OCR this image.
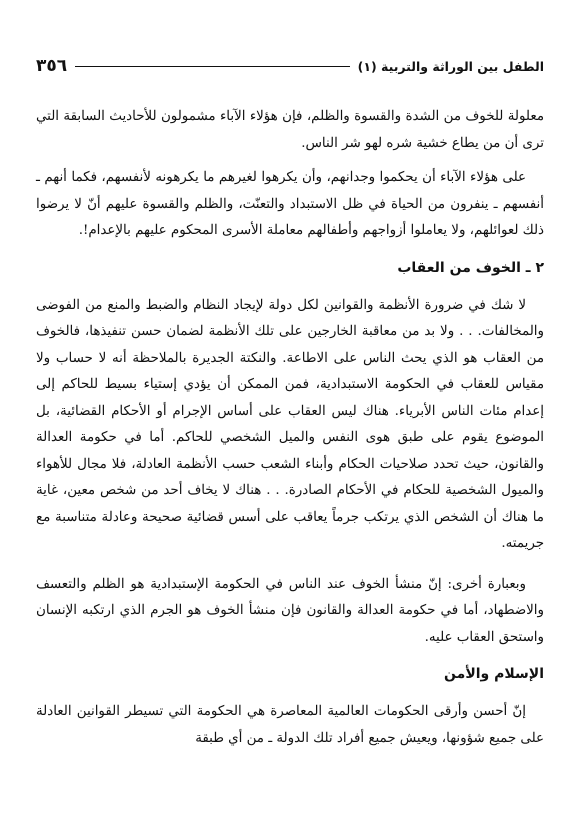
الطفل بين الوراثة والتربية (١)
٣٥٦

معلولة للخوف من الشدة والقسوة والظلم، فإن هؤلاء الآباء مشمولون للأحاديث السابقة التي ترى أن من يطاع خشية شره لهو شر الناس.

على هؤلاء الآباء أن يحكموا وجدانهم، وأن يكرهوا لغيرهم ما يكرهونه لأنفسهم، فكما أنهم ـ أنفسهم ـ ينفرون من الحياة في ظل الاستبداد والتعنّت، والظلم والقسوة عليهم أنّ لا يرضوا ذلك لعوائلهم، ولا يعاملوا أزواجهم وأطفالهم معاملة الأسرى المحكوم عليهم بالإعدام!.

٢ ـ الخوف من العقاب

لا شك في ضرورة الأنظمة والقوانين لكل دولة لإيجاد النظام والضبط والمنع من الفوضى والمخالفات. . . ولا بد من معاقبة الخارجين على تلك الأنظمة لضمان حسن تنفيذها، فالخوف من العقاب هو الذي يحث الناس على الاطاعة. والنكتة الجديرة بالملاحظة أنه لا حساب ولا مقياس للعقاب في الحكومة الاستبدادية، فمن الممكن أن يؤدي إستياء بسيط للحاكم إلى إعدام مئات الناس الأبرياء. هناك ليس العقاب على أساس الإجرام أو الأحكام القضائية، بل الموضوع يقوم على طبق هوى النفس والميل الشخصي للحاكم. أما في حكومة العدالة والقانون، حيث تحدد صلاحيات الحكام وأبناء الشعب حسب الأنظمة العادلة، فلا مجال للأهواء والميول الشخصية للحكام في الأحكام الصادرة. . . هناك لا يخاف أحد من شخص معين، غاية ما هناك أن الشخص الذي يرتكب جرماً يعاقب على أسس قضائية صحيحة وعادلة متناسبة مع جريمته.

وبعبارة أخرى: إنّ منشأ الخوف عند الناس في الحكومة الإستبدادية هو الظلم والتعسف والاضطهاد، أما في حكومة العدالة والقانون فإن منشأ الخوف هو الجرم الذي ارتكبه الإنسان واستحق العقاب عليه.

الإسلام والأمن

إنّ أحسن وأرقى الحكومات العالمية المعاصرة هي الحكومة التي تسيطر القوانين العادلة على جميع شؤونها، ويعيش جميع أفراد تلك الدولة ـ من أي طبقة
